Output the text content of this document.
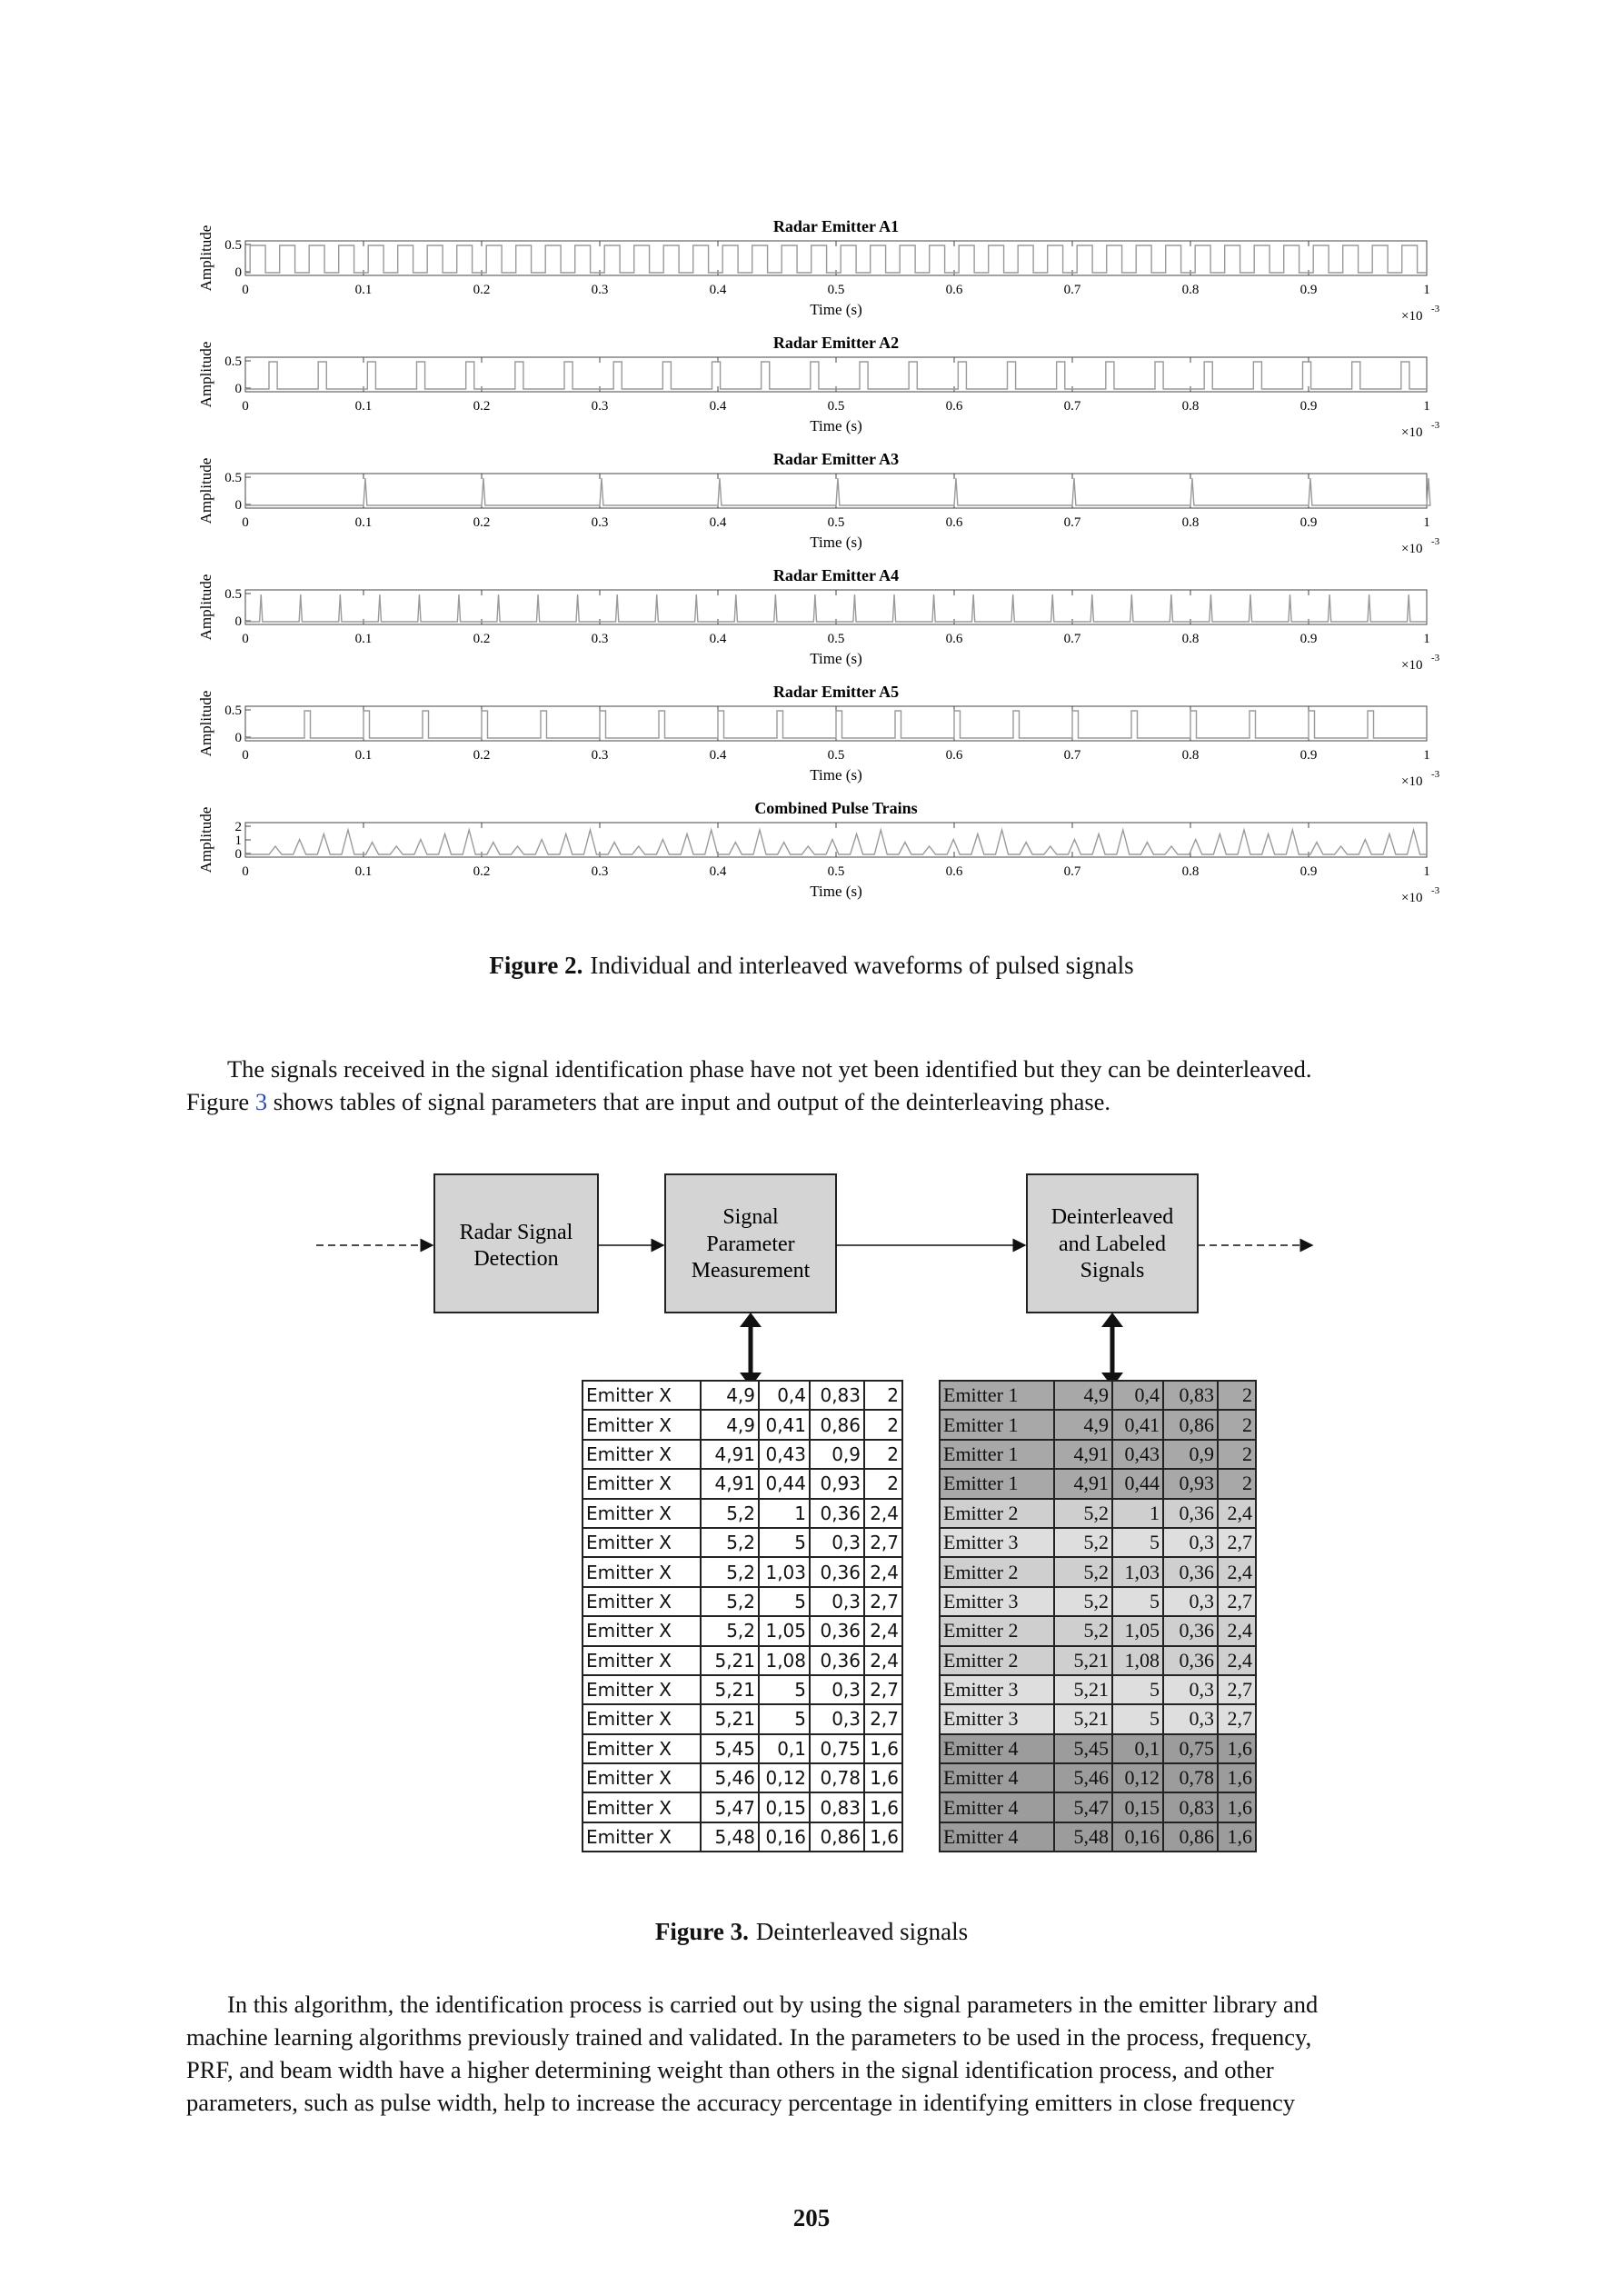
Radar Emitter A1
Amplitude 0
0.5
0	0.1	0.2	0.3	0.4	0.5	0.6	0.7	0.8	0.9	1
Time (s)	×10 -3
Radar Emitter A2
Amplitude 0
0.5
0	0.1	0.2	0.3	0.4	0.5	0.6	0.7	0.8	0.9	1
Time (s)	×10 -3
Radar Emitter A3
Amplitude 0
0.5
0	0.1	0.2	0.3	0.4	0.5	0.6	0.7	0.8	0.9	1
Time (s)	×10 -3
Radar Emitter A4
Amplitude 0
0.5
0	0.1	0.2	0.3	0.4	0.5	0.6	0.7	0.8	0.9	1
Time (s)	×10 -3
Radar Emitter A5
Amplitude 0
0.5
0	0.1	0.2	0.3	0.4	0.5	0.6	0.7	0.8	0.9	1
Time (s)	×10 -3
Combined Pulse Trains
Amplitude 0
1
2
0	0.1	0.2	0.3	0.4	0.5	0.6	0.7	0.8	0.9	1
Time (s)	×10 -3
Figure 2. Individual and interleaved waveforms of pulsed signals
The signals received in the signal identification phase have not yet been identified but they can be deinterleaved.
Figure 3 shows tables of signal parameters that are input and output of the deinterleaving phase.
Radar Signal
Detection
Signal
Parameter
Measurement
Deinterleaved
and Labeled
Signals
Emitter X	4,9	0,4	0,83	2
Emitter X	4,9	0,41	0,86	2
Emitter X	4,91	0,43	0,9	2
Emitter X	4,91	0,44	0,93	2
Emitter X	5,2	1	0,36	2,4
Emitter X	5,2	5	0,3	2,7
Emitter X	5,2	1,03	0,36	2,4
Emitter X	5,2	5	0,3	2,7
Emitter X	5,2	1,05	0,36	2,4
Emitter X	5,21	1,08	0,36	2,4
Emitter X	5,21	5	0,3	2,7
Emitter X	5,21	5	0,3	2,7
Emitter X	5,45	0,1	0,75	1,6
Emitter X	5,46	0,12	0,78	1,6
Emitter X	5,47	0,15	0,83	1,6
Emitter X	5,48	0,16	0,86	1,6
Emitter 1	4,9	0,4	0,83	2
Emitter 1	4,9	0,41	0,86	2
Emitter 1	4,91	0,43	0,9	2
Emitter 1	4,91	0,44	0,93	2
Emitter 2	5,2	1	0,36	2,4
Emitter 3	5,2	5	0,3	2,7
Emitter 2	5,2	1,03	0,36	2,4
Emitter 3	5,2	5	0,3	2,7
Emitter 2	5,2	1,05	0,36	2,4
Emitter 2	5,21	1,08	0,36	2,4
Emitter 3	5,21	5	0,3	2,7
Emitter 3	5,21	5	0,3	2,7
Emitter 4	5,45	0,1	0,75	1,6
Emitter 4	5,46	0,12	0,78	1,6
Emitter 4	5,47	0,15	0,83	1,6
Emitter 4	5,48	0,16	0,86	1,6
Figure 3. Deinterleaved signals
In this algorithm, the identification process is carried out by using the signal parameters in the emitter library and
machine learning algorithms previously trained and validated. In the parameters to be used in the process, frequency,
PRF, and beam width have a higher determining weight than others in the signal identification process, and other
parameters, such as pulse width, help to increase the accuracy percentage in identifying emitters in close frequency
205
